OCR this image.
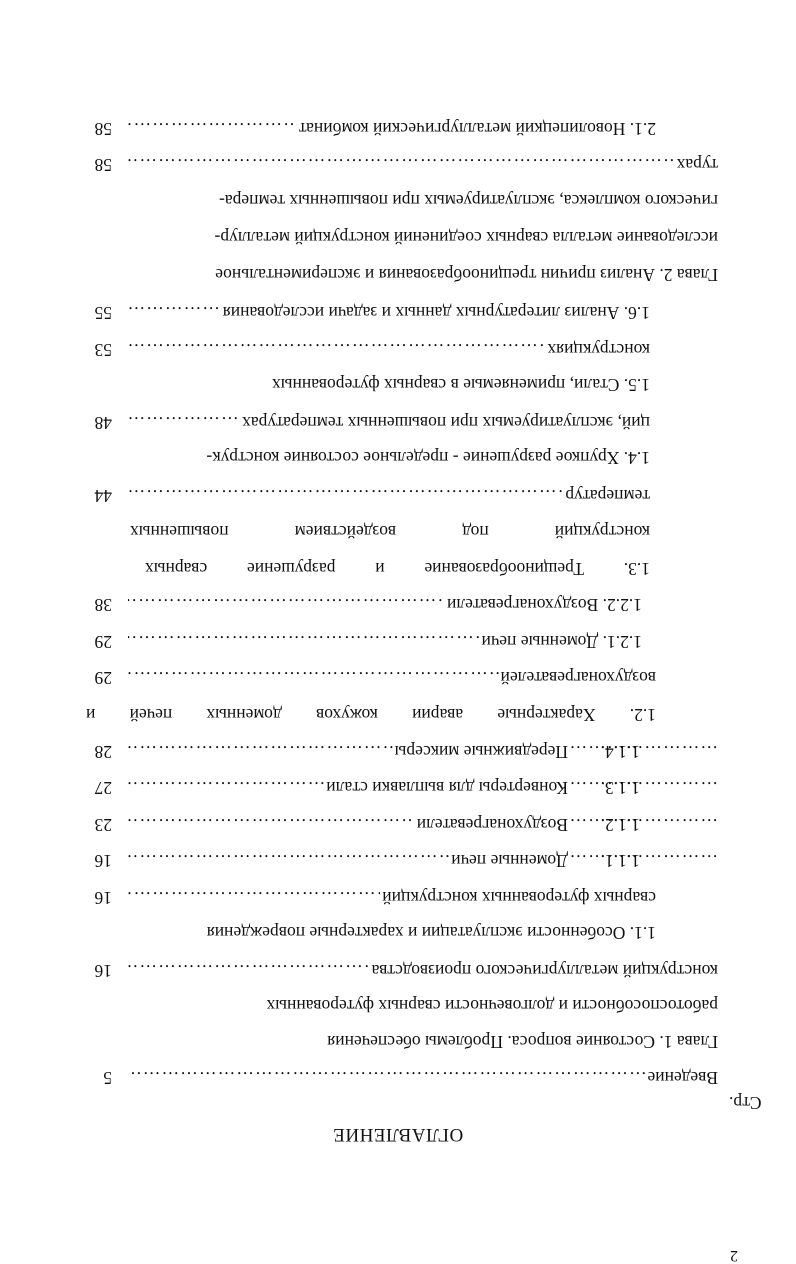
2
ОГЛАВЛЕНИЕ
Стр.
………………………………………………………………………………………………………………………………
Введение
5
Глава 1. Состояние вопроса. Проблемы обеспечения
работоспособности и долговечности сварных футерованных
………………………………………………………………………………………………………………………………
конструкций металлургического производства
16
1.1. Особенности эксплуатации и характерные повреждения
………………………………………………………………………………………………………………………………
сварных футерованных конструкций
16
………………………………………………………………………………………………………………………………
1.1.1.
Доменные печи
16
………………………………………………………………………………………………………………………………
1.1.2.
Воздухонагреватели
23
………………………………………………………………………………………………………………………………
1.1.3.
Конвертеры для выплавки стали
27
………………………………………………………………………………………………………………………………
1.1.4.
Передвижные миксеры
28
1.2.
Характерные
аварии
кожухов
доменных
печей
и
………………………………………………………………………………………………………………………………
воздухонагревателей
29
………………………………………………………………………………………………………………………………
1.2.1. Доменные печи
29
………………………………………………………………………………………………………………………………
1.2.2. Воздухонагреватели
38
1.3.
Трещинообразование
и
разрушение
сварных
конструкций
под
воздействием
повышенных
………………………………………………………………………………………………………………………………
температур
44
1.4. Хрупкое разрушение - предельное состояние конструк-
………………………………………………………………………………………………………………………………
ций, эксплуатируемых при повышенных температурах
48
1.5. Стали, применяемые в сварных футерованных
………………………………………………………………………………………………………………………………
конструкциях
53
………………………………………………………………………………………………………………………………
1.6. Анализ литературных данных и задачи исследования
55
Глава 2. Анализ причин трещинообразования и экспериментальное
исследование металла сварных соединений конструкций металлур-
гического комплекса, эксплуатируемых при повышенных темпера-
………………………………………………………………………………………………………………………………
турах
58
………………………………………………………………………………………………………………………………
2.1. Новолипецкий металлургический комбинат
58
